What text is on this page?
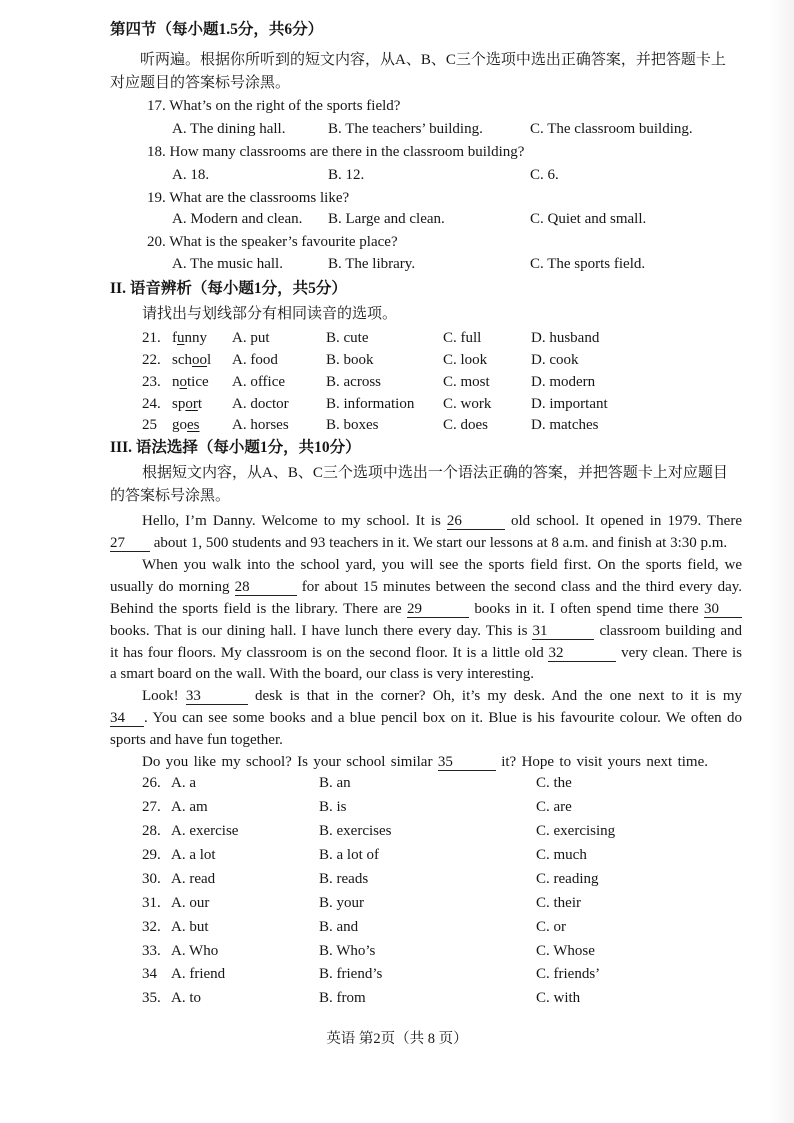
第四节（每小题1.5分，共6分）
听两遍。根据你所听到的短文内容，从A、B、C三个选项中选出正确答案，并把答题卡上
对应题目的答案标号涂黑。
17. What’s on the right of the sports field?
A. The dining hall.	B. The teachers’ building.	C. The classroom building.
18. How many classrooms are there in the classroom building?
A. 18.	B. 12.	C. 6.
19. What are the classrooms like?
A. Modern and clean. B. Large and clean.	C. Quiet and small.
20. What is the speaker’s favourite place?
A. The music hall.	B. The library.	C. The sports field.
II. 语音辨析（每小题1分，共5分）
请找出与划线部分有相同读音的选项。
21. funny A. put	B. cute	C. full	D. husband
22. school A. food	B. book	C. look	D. cook
23. notice A. office	B. across	C. most	D. modern
24. sport A. doctor B. information C. work	D. important
25 goes A. horses B. boxes	C. does	D. matches
III. 语法选择（每小题1分，共10分）
根据短文内容，从A、B、C三个选项中选出一个语法正确的答案，并把答题卡上对应题目
的答案标号涂黑。
Hello, I’m Danny. Welcome to my school. It is 26	old school. It opened in 1979. There
27 about 1, 500 students and 93 teachers in it. We start our lessons at 8 a.m. and finish at 3:30 p.m.
When you walk into the school yard, you will see the sports field first. On the sports field, we
usually do morning 28	for about 15 minutes between the second class and the third every day.
Behind the sports field is the library. There are 29	books in it. I often spend time there 30
books. That is our dining hall. I have lunch there every day. This is 31	classroom building and
it has four floors. My classroom is on the second floor. It is a little old 32	very clean. There is
a smart board on the wall. With the board, our class is very interesting.
Look! 33	desk is that in the corner? Oh, it’s my desk. And the one next to it is my
34 . You can see some books and a blue pencil box on it. Blue is his favourite colour. We often do
sports and have fun together.
Do you like my school? Is your school similar 35	it? Hope to visit yours next time.
26. A. a	B. an	C. the
27. A. am	B. is	C. are
28. A. exercise	B. exercises	C. exercising
29. A. a lot	B. a lot of	C. much
30. A. read	B. reads	C. reading
31. A. our	B. your	C. their
32. A. but	B. and	C. or
33. A. Who	B. Who’s	C. Whose
34 A. friend	B. friend’s	C. friends’
35. A. to	B. from	C. with
英语 第2页（共 8 页）
